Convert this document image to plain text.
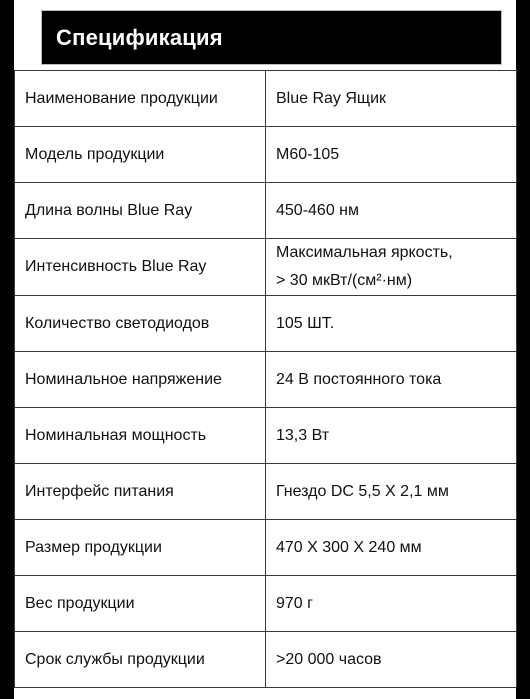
Спецификация
Наименование продукции	Blue Ray Ящик
Модель продукции	M60-105
Длина волны Blue Ray	450-460 нм
Интенсивность Blue Ray	Максимальная яркость,
> 30 мкВт/(см²·нм)

Количество светодиодов	105 ШТ.
Номинальное напряжение	24 В постоянного тока
Номинальная мощность	13,3 Вт
Интерфейс питания	Гнездо DC 5,5 X 2,1 мм
Размер продукции	470 X 300 X 240 мм
Вес продукции	970 г
Срок службы продукции	>20 000 часов
